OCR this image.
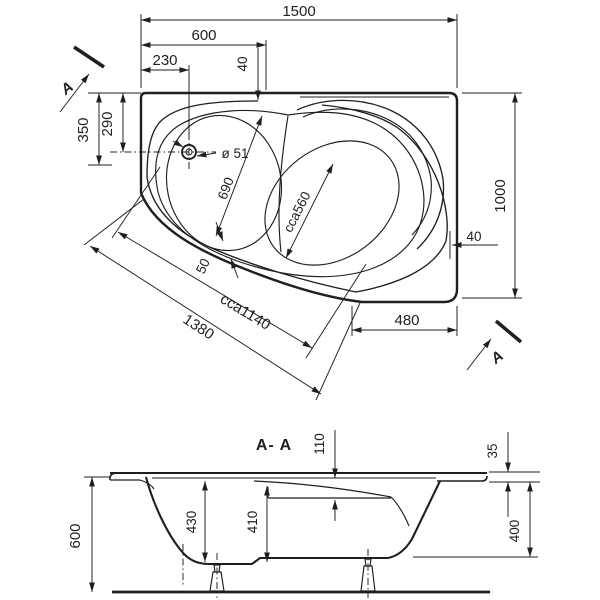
A
A
1500
600
230	40
350 290
ø 51
690
cca560
50
1380 cca1140
40
1000
480
A- A
600
430	410
110	35
400
